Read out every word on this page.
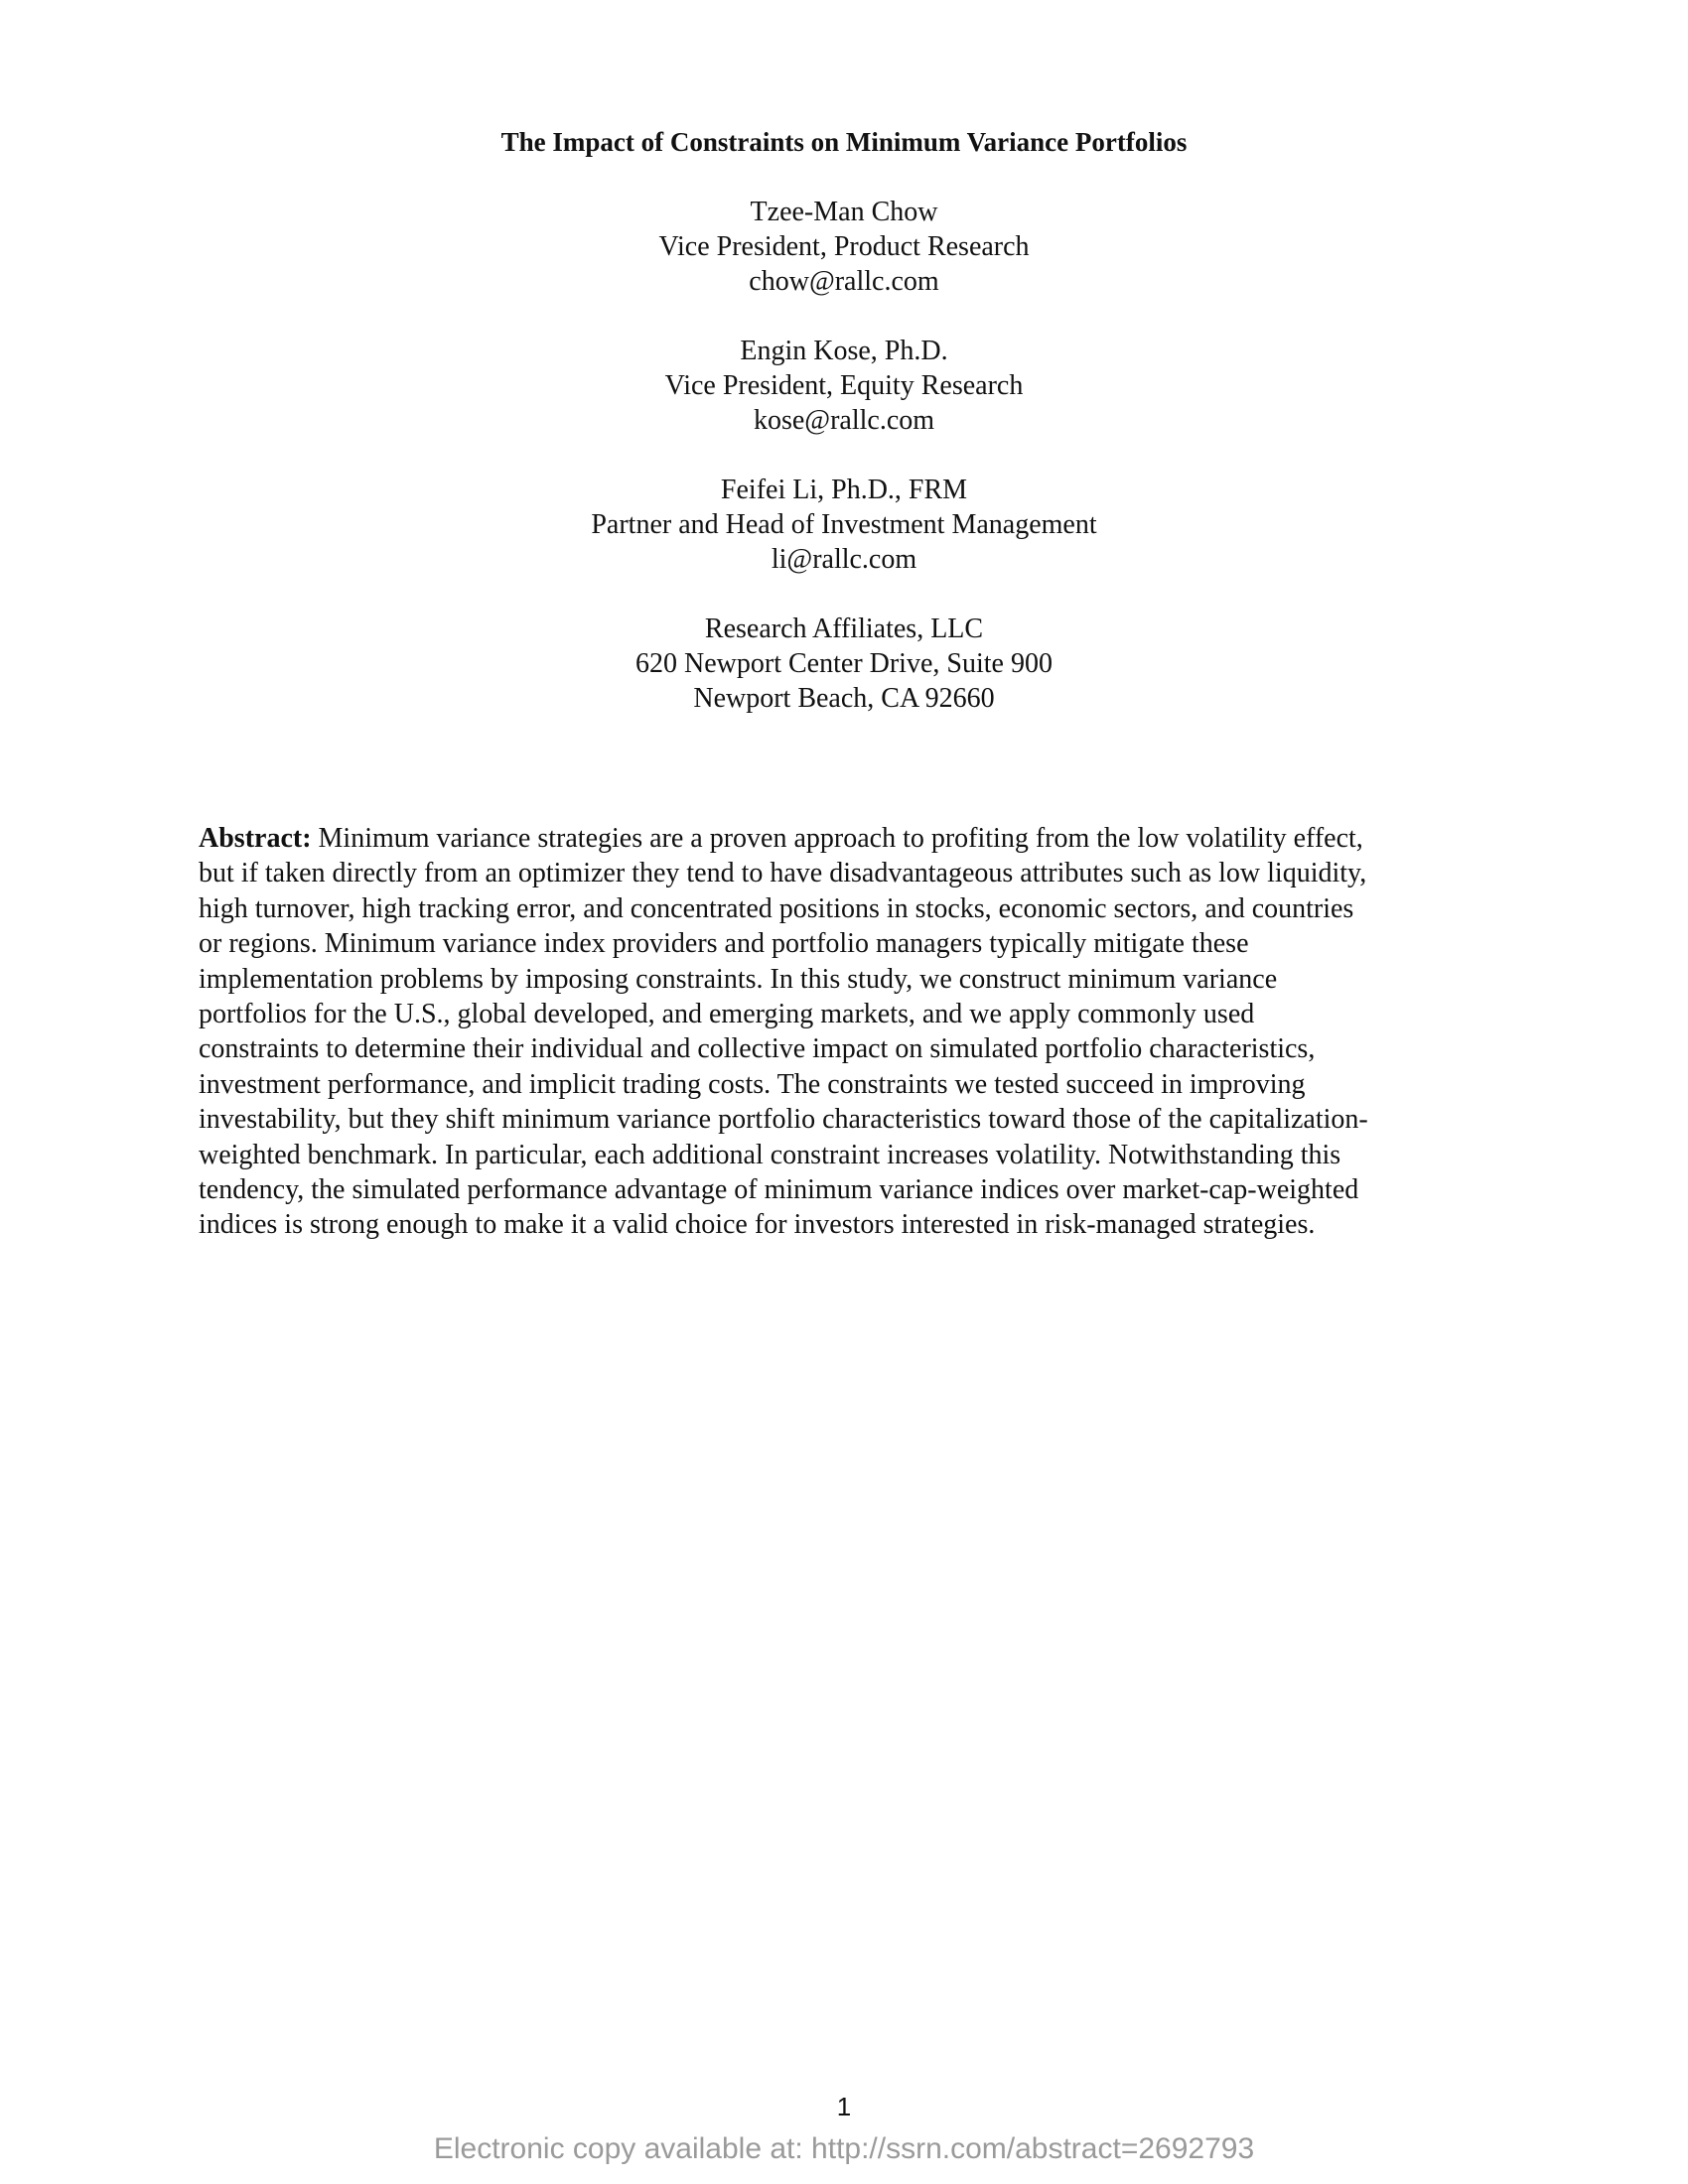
The Impact of Constraints on Minimum Variance Portfolios
Tzee-Man Chow
Vice President, Product Research
chow@rallc.com
Engin Kose, Ph.D.
Vice President, Equity Research
kose@rallc.com
Feifei Li, Ph.D., FRM
Partner and Head of Investment Management
li@rallc.com
Research Affiliates, LLC
620 Newport Center Drive, Suite 900
Newport Beach, CA 92660
Abstract: Minimum variance strategies are a proven approach to profiting from the low volatility effect,
but if taken directly from an optimizer they tend to have disadvantageous attributes such as low liquidity,
high turnover, high tracking error, and concentrated positions in stocks, economic sectors, and countries
or regions. Minimum variance index providers and portfolio managers typically mitigate these
implementation problems by imposing constraints. In this study, we construct minimum variance
portfolios for the U.S., global developed, and emerging markets, and we apply commonly used
constraints to determine their individual and collective impact on simulated portfolio characteristics,
investment performance, and implicit trading costs. The constraints we tested succeed in improving
investability, but they shift minimum variance portfolio characteristics toward those of the capitalization-
weighted benchmark. In particular, each additional constraint increases volatility. Notwithstanding this
tendency, the simulated performance advantage of minimum variance indices over market-cap-weighted
indices is strong enough to make it a valid choice for investors interested in risk-managed strategies.
1
Electronic copy available at: http://ssrn.com/abstract=2692793
